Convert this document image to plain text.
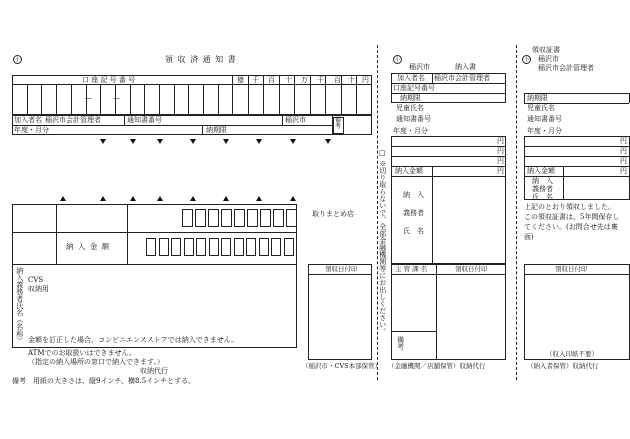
小	領 収 済 通 知 書
口 座 記 号 番 号
—	—
億 千 百 十 万 千 百 十 円
加入者名 稲沢市会計管理者	通知書番号	稲沢市	備考
年度・月分	納期限
納 入 金 額
取りまとめ店
納入義務者氏名（名称） CVS
収納用
金額を訂正した場合、コンビニエンスストアでは納入できません。
ATMでのお取扱いはできません。
（指定の納入場所の窓口で納入できます。）
収納代行
領収日付印
（稲沢市・CVS本部保管）
備考　用紙の大きさは、縦9インチ、横8.5インチとする。
□
※切り取らないで、全部金融機関等にお出しください。
小
稲沢市	納入書
加入者名 稲沢市会計管理者
口座記号番号
納期限
児童氏名
通知書番号
年度・月分
円
円
円
納入金額	円
納　入
義務者
氏　名
主 管 課 名	領収日付印
備考
（金融機関／店舗保管）収納代行
領収証書
小 稲沢市
稲沢市会計管理者
納期限
児童氏名
通知書番号
年度・月分
円
円
円
納入金額	円
納　入
義務者
氏　名
上記のとおり領収しました。
この領収証書は、5年間保存し
てください。(お問合せ先は裏
面)
領収日付印
（収入印紙不要）
（納入者保管）収納代行
